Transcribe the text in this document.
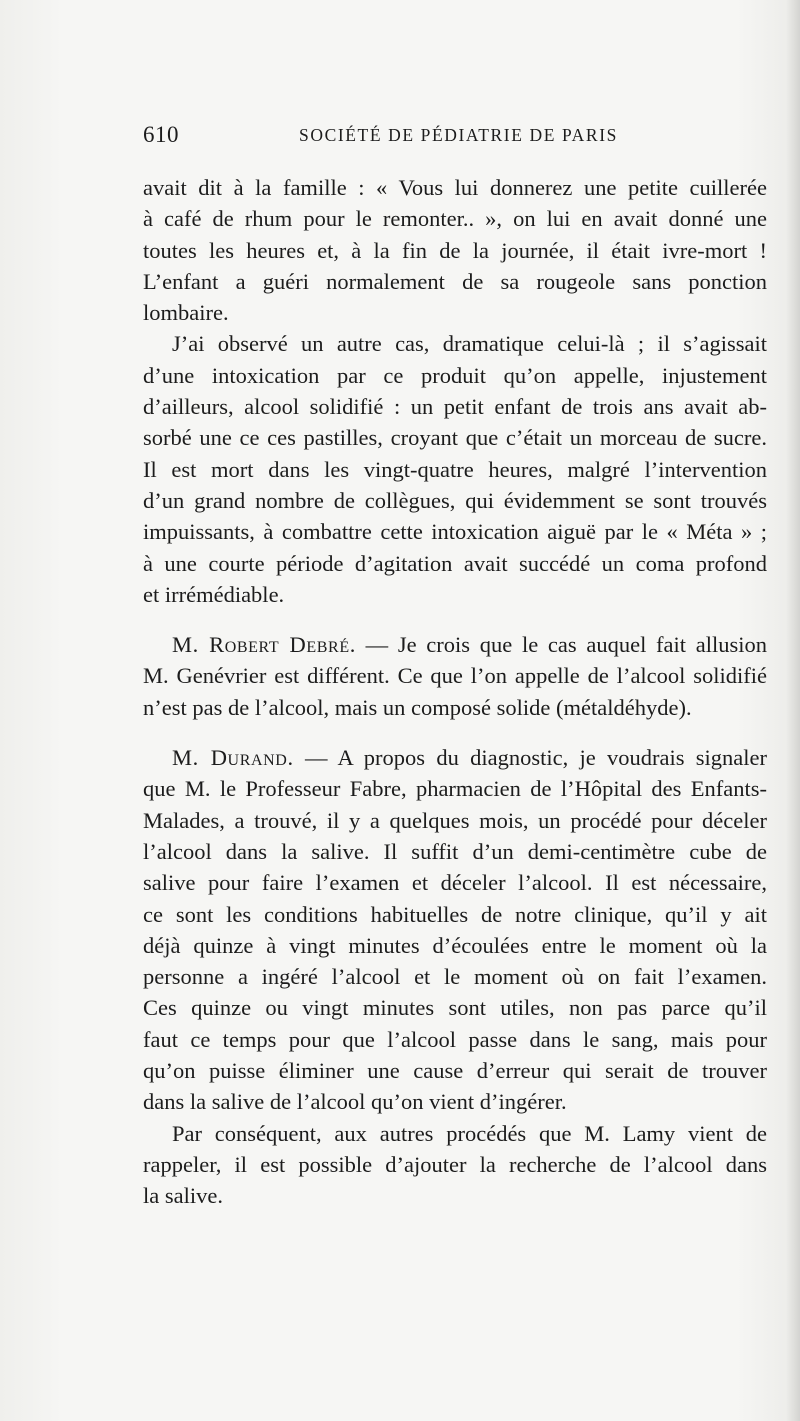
610	SOCIÉTÉ DE PÉDIATRIE DE PARIS
avait dit à la famille : « Vous lui donnerez une petite cuillerée
à café de rhum pour le remonter.. », on lui en avait donné une
toutes les heures et, à la fin de la journée, il était ivre-mort !
L’enfant a guéri normalement de sa rougeole sans ponction
lombaire.
J’ai observé un autre cas, dramatique celui-là ; il s’agissait
d’une intoxication par ce produit qu’on appelle, injustement
d’ailleurs, alcool solidifié : un petit enfant de trois ans avait ab-
sorbé une ce ces pastilles, croyant que c’était un morceau de sucre.
Il est mort dans les vingt-quatre heures, malgré l’intervention
d’un grand nombre de collègues, qui évidemment se sont trouvés
impuissants, à combattre cette intoxication aiguë par le « Méta » ;
à une courte période d’agitation avait succédé un coma profond
et irrémédiable.
M. Robert Debré. — Je crois que le cas auquel fait allusion
M. Genévrier est différent. Ce que l’on appelle de l’alcool solidifié
n’est pas de l’alcool, mais un composé solide (métaldéhyde).
M. Durand. — A propos du diagnostic, je voudrais signaler
que M. le Professeur Fabre, pharmacien de l’Hôpital des Enfants-
Malades, a trouvé, il y a quelques mois, un procédé pour déceler
l’alcool dans la salive. Il suffit d’un demi-centimètre cube de
salive pour faire l’examen et déceler l’alcool. Il est nécessaire,
ce sont les conditions habituelles de notre clinique, qu’il y ait
déjà quinze à vingt minutes d’écoulées entre le moment où la
personne a ingéré l’alcool et le moment où on fait l’examen.
Ces quinze ou vingt minutes sont utiles, non pas parce qu’il
faut ce temps pour que l’alcool passe dans le sang, mais pour
qu’on puisse éliminer une cause d’erreur qui serait de trouver
dans la salive de l’alcool qu’on vient d’ingérer.
Par conséquent, aux autres procédés que M. Lamy vient de
rappeler, il est possible d’ajouter la recherche de l’alcool dans
la salive.
